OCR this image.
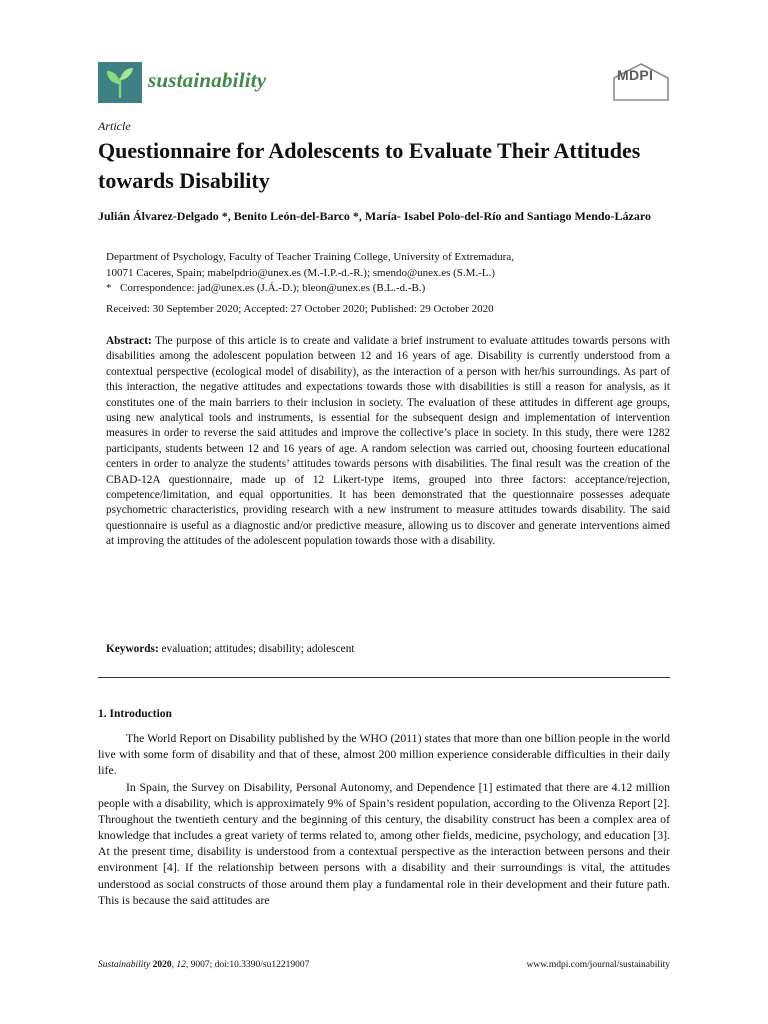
sustainability	MDPI
Article
Questionnaire for Adolescents to Evaluate Their Attitudes towards Disability
Julián Álvarez-Delgado *, Benito León-del-Barco *, María- Isabel Polo-del-Río and Santiago Mendo-Lázaro
Department of Psychology, Faculty of Teacher Training College, University of Extremadura,
10071 Caceres, Spain; mabelpdrio@unex.es (M.-I.P.-d.-R.); smendo@unex.es (S.M.-L.)
* Correspondence: jad@unex.es (J.Á.-D.); bleon@unex.es (B.L.-d.-B.)
Received: 30 September 2020; Accepted: 27 October 2020; Published: 29 October 2020
Abstract: The purpose of this article is to create and validate a brief instrument to evaluate attitudes towards persons with disabilities among the adolescent population between 12 and 16 years of age. Disability is currently understood from a contextual perspective (ecological model of disability), as the interaction of a person with her/his surroundings. As part of this interaction, the negative attitudes and expectations towards those with disabilities is still a reason for analysis, as it constitutes one of the main barriers to their inclusion in society. The evaluation of these attitudes in different age groups, using new analytical tools and instruments, is essential for the subsequent design and implementation of intervention measures in order to reverse the said attitudes and improve the collective’s place in society. In this study, there were 1282 participants, students between 12 and 16 years of age. A random selection was carried out, choosing fourteen educational centers in order to analyze the students’ attitudes towards persons with disabilities. The final result was the creation of the CBAD-12A questionnaire, made up of 12 Likert-type items, grouped into three factors: acceptance/rejection, competence/limitation, and equal opportunities. It has been demonstrated that the questionnaire possesses adequate psychometric characteristics, providing research with a new instrument to measure attitudes towards disability. The said questionnaire is useful as a diagnostic and/or predictive measure, allowing us to discover and generate interventions aimed at improving the attitudes of the adolescent population towards those with a disability.
Keywords: evaluation; attitudes; disability; adolescent
1. Introduction

The World Report on Disability published by the WHO (2011) states that more than one billion people in the world live with some form of disability and that of these, almost 200 million experience considerable difficulties in their daily life.

In Spain, the Survey on Disability, Personal Autonomy, and Dependence [1] estimated that there are 4.12 million people with a disability, which is approximately 9% of Spain’s resident population, according to the Olivenza Report [2]. Throughout the twentieth century and the beginning of this century, the disability construct has been a complex area of knowledge that includes a great variety of terms related to, among other fields, medicine, psychology, and education [3]. At the present time, disability is understood from a contextual perspective as the interaction between persons and their environment [4]. If the relationship between persons with a disability and their surroundings is vital, the attitudes understood as social constructs of those around them play a fundamental role in their development and their future path. This is because the said attitudes are

Sustainability 2020, 12, 9007; doi:10.3390/su12219007	www.mdpi.com/journal/sustainability
